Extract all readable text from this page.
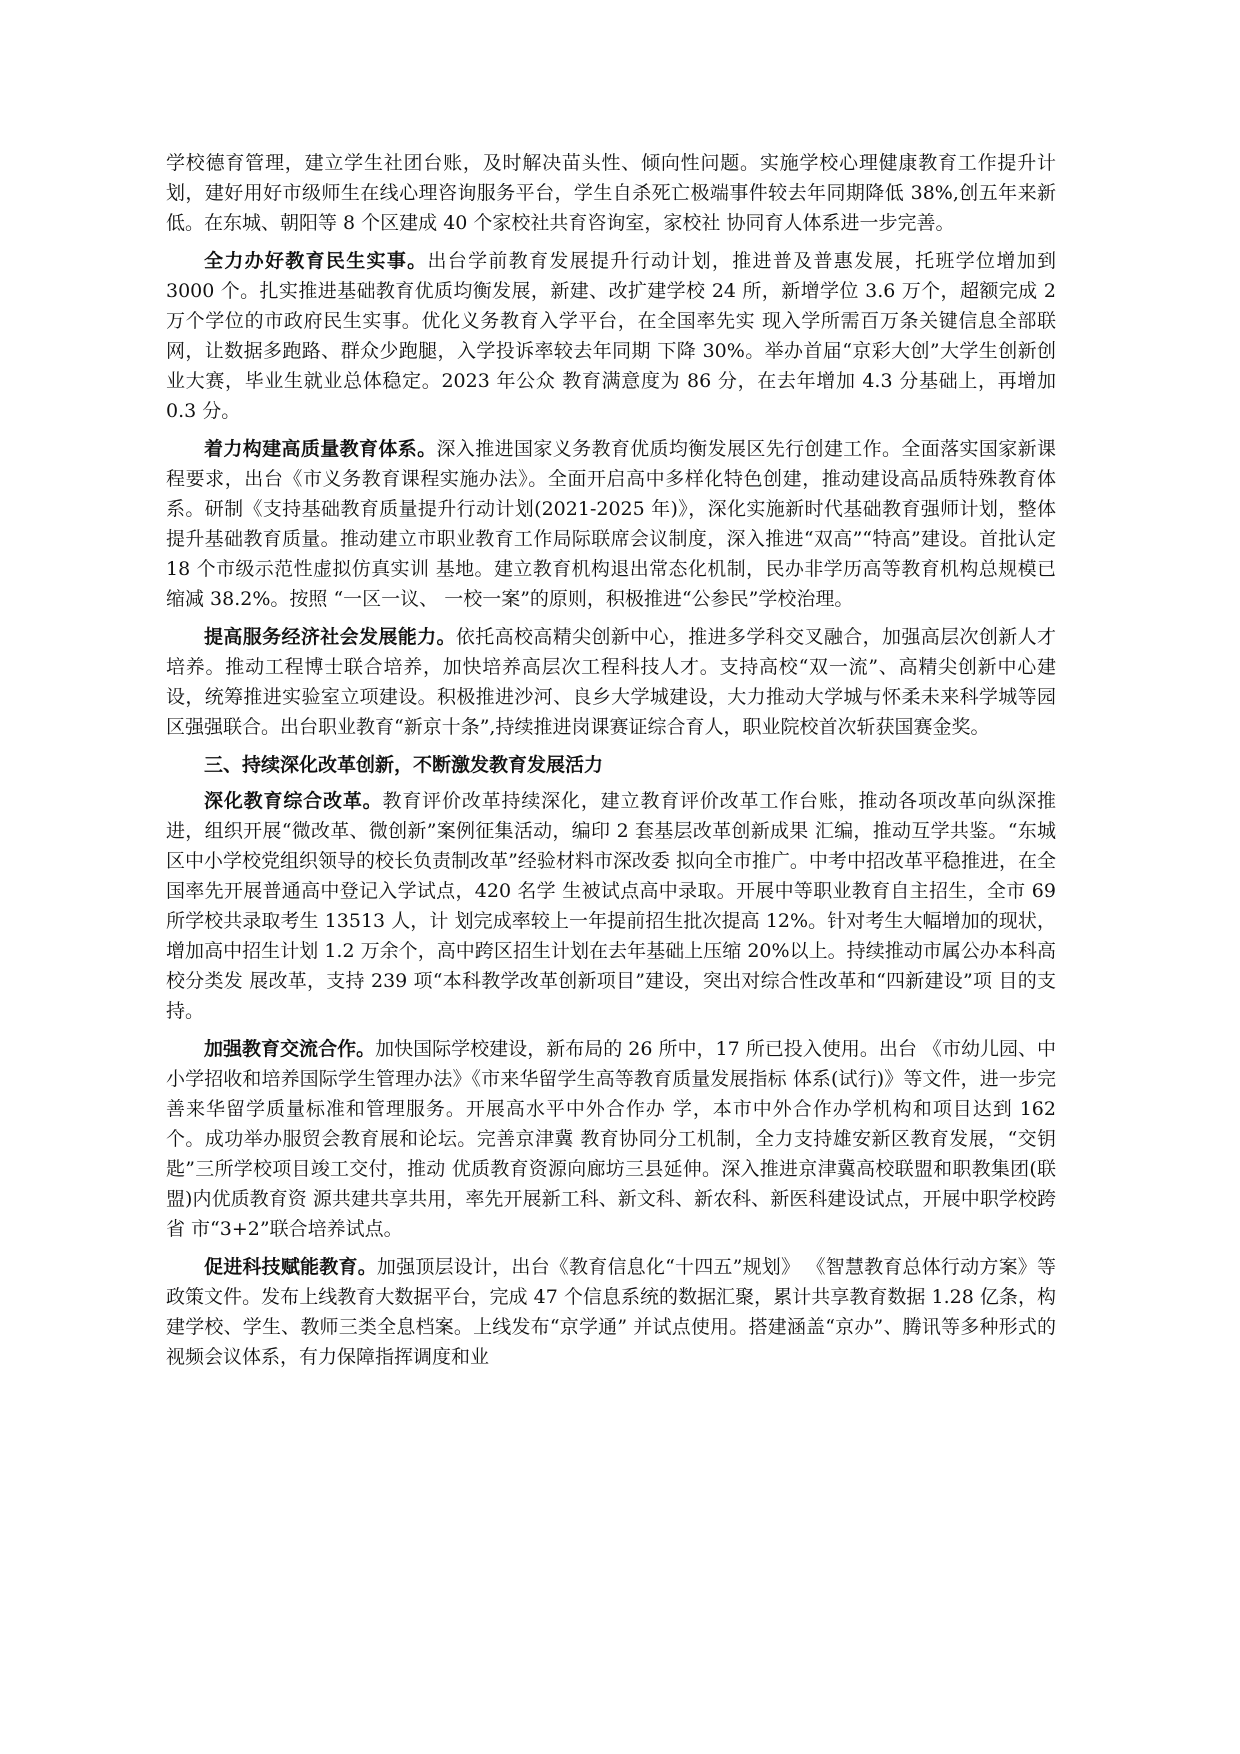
学校德育管理，建立学生社团台账，及时解决苗头性、倾向性问题。实施学校心理健康教育工作提升计划，建好用好市级师生在线心理咨询服务平台，学生自杀死亡极端事件较去年同期降低 38%,创五年来新低。在东城、朝阳等 8 个区建成 40 个家校社共育咨询室，家校社 协同育人体系进一步完善。

全力办好教育民生实事。出台学前教育发展提升行动计划，推进普及普惠发展，托班学位增加到 3000 个。扎实推进基础教育优质均衡发展，新建、改扩建学校 24 所，新增学位 3.6 万个，超额完成 2 万个学位的市政府民生实事。优化义务教育入学平台，在全国率先实 现入学所需百万条关键信息全部联网，让数据多跑路、群众少跑腿，入学投诉率较去年同期 下降 30%。举办首届“京彩大创”大学生创新创业大赛，毕业生就业总体稳定。2023 年公众 教育满意度为 86 分，在去年增加 4.3 分基础上，再增加 0.3 分。

着力构建高质量教育体系。深入推进国家义务教育优质均衡发展区先行创建工作。全面落实国家新课程要求，出台《市义务教育课程实施办法》。全面开启高中多样化特色创建，推动建设高品质特殊教育体系。研制《支持基础教育质量提升行动计划(2021-2025 年)》，深化实施新时代基础教育强师计划，整体提升基础教育质量。推动建立市职业教育工作局际联席会议制度，深入推进“双高”“特高”建设。首批认定 18 个市级示范性虚拟仿真实训 基地。建立教育机构退出常态化机制，民办非学历高等教育机构总规模已缩减 38.2%。按照 “一区一议、 一校一案”的原则，积极推进“公参民”学校治理。

提高服务经济社会发展能力。依托高校高精尖创新中心，推进多学科交叉融合，加强高层次创新人才培养。推动工程博士联合培养，加快培养高层次工程科技人才。支持高校“双一流”、高精尖创新中心建设，统筹推进实验室立项建设。积极推进沙河、良乡大学城建设，大力推动大学城与怀柔未来科学城等园区强强联合。出台职业教育“新京十条”,持续推进岗课赛证综合育人，职业院校首次斩获国赛金奖。

三、持续深化改革创新，不断激发教育发展活力

深化教育综合改革。教育评价改革持续深化，建立教育评价改革工作台账，推动各项改革向纵深推进，组织开展“微改革、微创新”案例征集活动，编印 2 套基层改革创新成果 汇编，推动互学共鉴。“东城区中小学校党组织领导的校长负责制改革”经验材料市深改委 拟向全市推广。中考中招改革平稳推进，在全国率先开展普通高中登记入学试点，420 名学 生被试点高中录取。开展中等职业教育自主招生，全市 69 所学校共录取考生 13513 人，计 划完成率较上一年提前招生批次提高 12%。针对考生大幅增加的现状，增加高中招生计划 1.2 万余个，高中跨区招生计划在去年基础上压缩 20%以上。持续推动市属公办本科高校分类发 展改革，支持 239 项“本科教学改革创新项目”建设，突出对综合性改革和“四新建设”项 目的支持。

加强教育交流合作。加快国际学校建设，新布局的 26 所中，17 所已投入使用。出台 《市幼儿园、中小学招收和培养国际学生管理办法》《市来华留学生高等教育质量发展指标 体系(试行)》等文件，进一步完善来华留学质量标准和管理服务。开展高水平中外合作办 学，本市中外合作办学机构和项目达到 162 个。成功举办服贸会教育展和论坛。完善京津冀 教育协同分工机制，全力支持雄安新区教育发展，“交钥匙”三所学校项目竣工交付，推动 优质教育资源向廊坊三县延伸。深入推进京津冀高校联盟和职教集团(联盟)内优质教育资 源共建共享共用，率先开展新工科、新文科、新农科、新医科建设试点，开展中职学校跨省 市“3+2”联合培养试点。

促进科技赋能教育。加强顶层设计，出台《教育信息化“十四五”规划》 《智慧教育总体行动方案》等政策文件。发布上线教育大数据平台，完成 47 个信息系统的数据汇聚，累计共享教育数据 1.28 亿条，构建学校、学生、教师三类全息档案。上线发布“京学通” 并试点使用。搭建涵盖“京办”、腾讯等多种形式的视频会议体系，有力保障指挥调度和业
